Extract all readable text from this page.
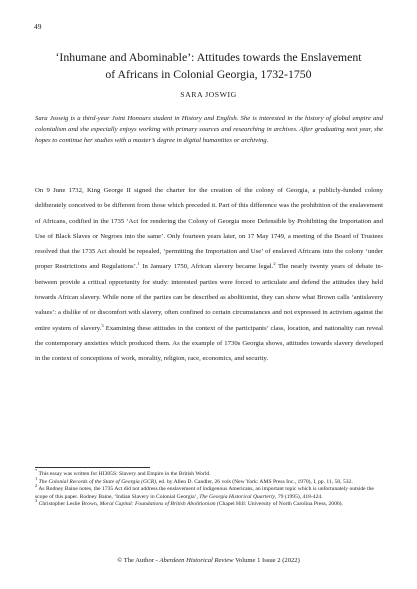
49
‘Inhumane and Abominable’: Attitudes towards the Enslavement
of Africans in Colonial Georgia, 1732-1750
SARA JOSWIG
Sara Joswig is a third-year Joint Honours student in History and English. She is interested in the history of global empire and colonialism and she especially enjoys working with primary sources and researching in archives. After graduating next year, she hopes to continue her studies with a master’s degree in digital humanities or archiving.
On 9 June 1732, King George II signed the charter for the creation of the colony of Georgia, a publicly-funded colony deliberately conceived to be different from those which preceded it. Part of this difference was the prohibition of the enslavement of Africans, codified in the 1735 ‘Act for rendering the Colony of Georgia more Defensible by Prohibiting the Importation and Use of Black Slaves or Negroes into the same’. Only fourteen years later, on 17 May 1749, a meeting of the Board of Trustees resolved that the 1735 Act should be repealed, ‘permitting the Importation and Use’ of enslaved Africans into the colony ‘under proper Restrictions and Regulations’.$^1$ In January 1750, African slavery became legal.$^2$ The nearly twenty years of debate in-between provide a critical opportunity for study: interested parties were forced to articulate and defend the attitudes they held towards African slavery. While none of the parties can be described as abolitionist, they can show what Brown calls ‘antislavery values’: a dislike of or discomfort with slavery, often confined to certain circumstances and not expressed in activism against the entire system of slavery.$^3$ Examining these attitudes in the context of the participants’ class, location, and nationality can reveal the contemporary anxieties which produced them. As the example of 1730s Georgia shows, attitudes towards slavery developed in the context of conceptions of work, morality, religion, race, economics, and security.

* This essay was written for HI305S: Slavery and Empire in the British World.

$^1$ The Colonial Records of the State of Georgia (GCR), ed. by Allen D. Candler, 26 vols (New York: AMS Press Inc., 1970), I, pp. 11, 50, 532.

$^2$ As Rodney Baine notes, the 1735 Act did not address the enslavement of indigenous Americans, an important topic which is unfortunately outside the scope of this paper. Rodney Baine, ‘Indian Slavery in Colonial Georgia’, The Georgia Historical Quarterly, 79 (1995), 418-424.

$^3$ Christopher Leslie Brown, Moral Capital: Foundations of British Abolitionism (Chapel Hill: University of North Carolina Press, 2006).

© The Author - Aberdeen Historical Review Volume 1 Issue 2 (2022)
